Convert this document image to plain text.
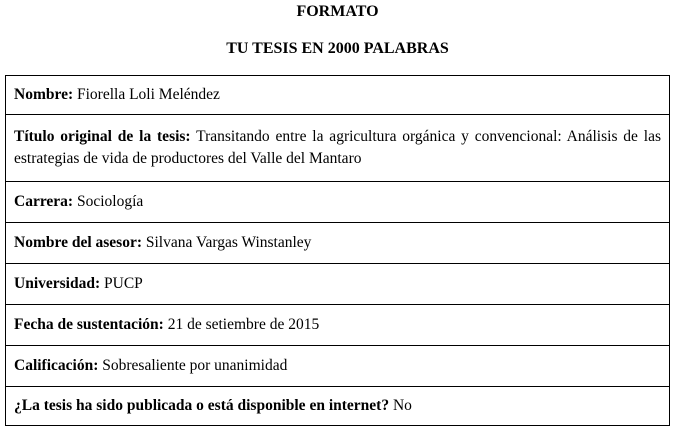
FORMATO
TU TESIS EN 2000 PALABRAS
Nombre: Fiorella Loli Meléndez
Título original de la tesis: Transitando entre la agricultura orgánica y convencional: Análisis de las estrategias de vida de productores del Valle del Mantaro
Carrera: Sociología
Nombre del asesor: Silvana Vargas Winstanley
Universidad: PUCP
Fecha de sustentación: 21 de setiembre de 2015
Calificación: Sobresaliente por unanimidad
¿La tesis ha sido publicada o está disponible en internet? No
